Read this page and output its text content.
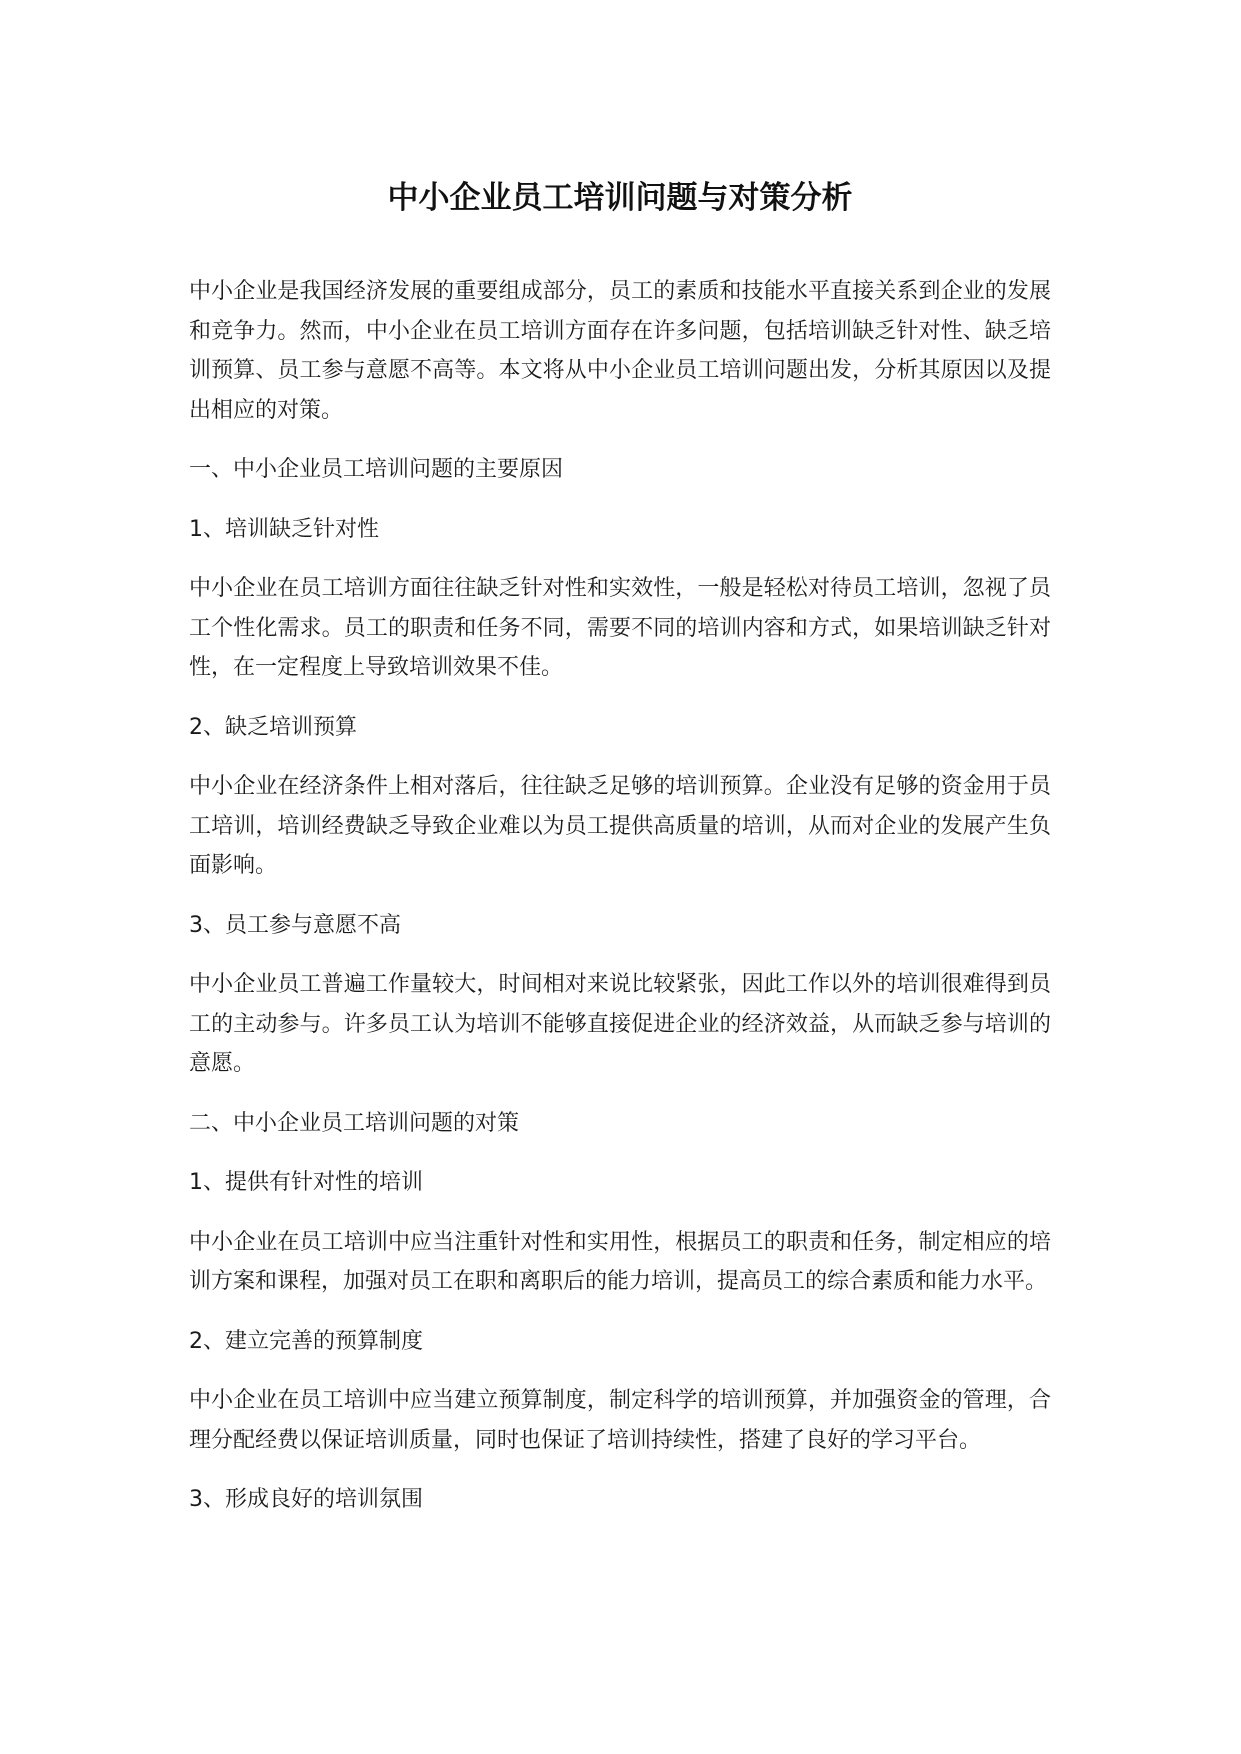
中小企业员工培训问题与对策分析

中小企业是我国经济发展的重要组成部分，员工的素质和技能水平直接关系到企业的发展和竞争力。然而，中小企业在员工培训方面存在许多问题，包括培训缺乏针对性、缺乏培训预算、员工参与意愿不高等。本文将从中小企业员工培训问题出发，分析其原因以及提出相应的对策。

一、中小企业员工培训问题的主要原因

1、培训缺乏针对性

中小企业在员工培训方面往往缺乏针对性和实效性，一般是轻松对待员工培训，忽视了员工个性化需求。员工的职责和任务不同，需要不同的培训内容和方式，如果培训缺乏针对性，在一定程度上导致培训效果不佳。

2、缺乏培训预算

中小企业在经济条件上相对落后，往往缺乏足够的培训预算。企业没有足够的资金用于员工培训，培训经费缺乏导致企业难以为员工提供高质量的培训，从而对企业的发展产生负面影响。

3、员工参与意愿不高

中小企业员工普遍工作量较大，时间相对来说比较紧张，因此工作以外的培训很难得到员工的主动参与。许多员工认为培训不能够直接促进企业的经济效益，从而缺乏参与培训的意愿。

二、中小企业员工培训问题的对策

1、提供有针对性的培训

中小企业在员工培训中应当注重针对性和实用性，根据员工的职责和任务，制定相应的培训方案和课程，加强对员工在职和离职后的能力培训，提高员工的综合素质和能力水平。

2、建立完善的预算制度

中小企业在员工培训中应当建立预算制度，制定科学的培训预算，并加强资金的管理，合理分配经费以保证培训质量，同时也保证了培训持续性，搭建了良好的学习平台。

3、形成良好的培训氛围
